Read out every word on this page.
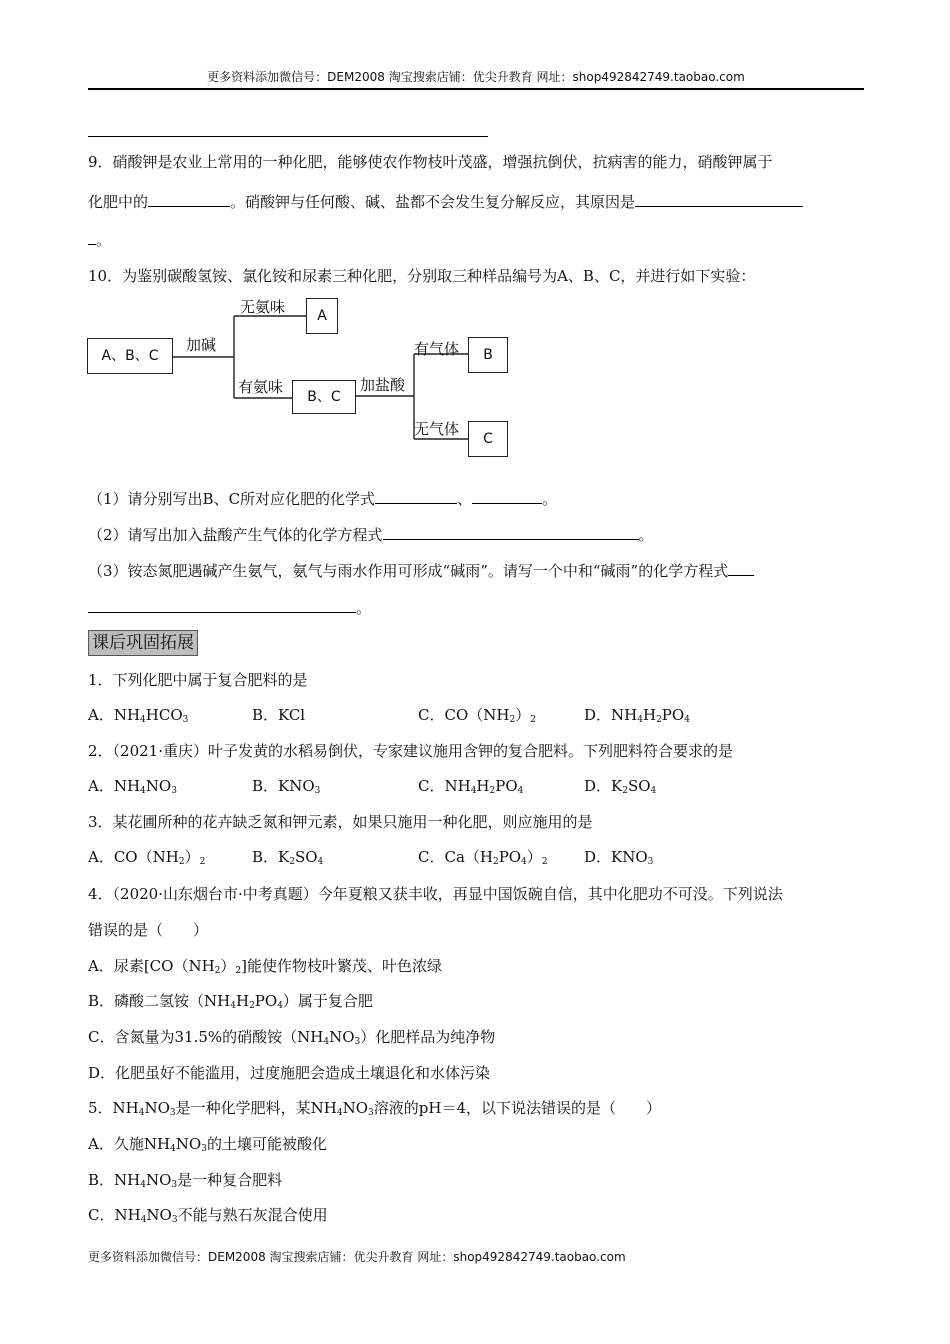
更多资料添加微信号：DEM2008 淘宝搜索店铺：优尖升教育 网址：shop492842749.taobao.com
9．硝酸钾是农业上常用的一种化肥，能够使农作物枝叶茂盛，增强抗倒伏，抗病害的能力，硝酸钾属于
化肥中的	。硝酸钾与任何酸、碱、盐都不会发生复分解反应，其原因是
。
10．为鉴别碳酸氢铵、氯化铵和尿素三种化肥，分别取三种样品编号为A、B、C，并进行如下实验：
A、B、C
加碱
无氨味	A
有氨味
B、C
加盐酸
有气体	B
无气体
C
（1）请分别写出B、C所对应化肥的化学式	、	。
（2）请写出加入盐酸产生气体的化学方程式	。
（3）铵态氮肥遇碱产生氨气，氨气与雨水作用可形成“碱雨”。请写一个中和“碱雨”的化学方程式
。
课后巩固拓展
1．下列化肥中属于复合肥料的是
A．$NH_4HCO_3$	B．KCl	C．$CO(NH_2)_2$	D．$NH_4H_2PO_4$
2．（2021·重庆）叶子发黄的水稻易倒伏，专家建议施用含钾的复合肥料。下列肥料符合要求的是
A．$NH_4NO_3$	B．$KNO_3$	C．$NH_4H_2PO_4$	D．$K_2SO_4$
3．某花圃所种的花卉缺乏氮和钾元素，如果只施用一种化肥，则应施用的是
A．$CO(NH_2)_2$	B．$K_2SO_4$	C．$Ca(H_2PO_4)_2$ D．$KNO_3$
4．（2020·山东烟台市·中考真题）今年夏粮又获丰收，再显中国饭碗自信，其中化肥功不可没。下列说法
错误的是（　　）
A．尿素$[CO(NH_2)_2]$能使作物枝叶繁茂、叶色浓绿
B．磷酸二氢铵$(NH_4H_2PO_4)$属于复合肥
C．含氮量为31.5%的硝酸铵$(NH_4NO_3)$化肥样品为纯净物
D．化肥虽好不能滥用，过度施肥会造成土壤退化和水体污染
5．$NH_4NO_3$是一种化学肥料，某$NH_4NO_3$溶液的pH＝4，以下说法错误的是（　　）
A．久施$NH_4NO_3$的土壤可能被酸化
B．$NH_4NO_3$是一种复合肥料
C．$NH_4NO_3$不能与熟石灰混合使用
更多资料添加微信号：DEM2008 淘宝搜索店铺：优尖升教育 网址：shop492842749.taobao.com
